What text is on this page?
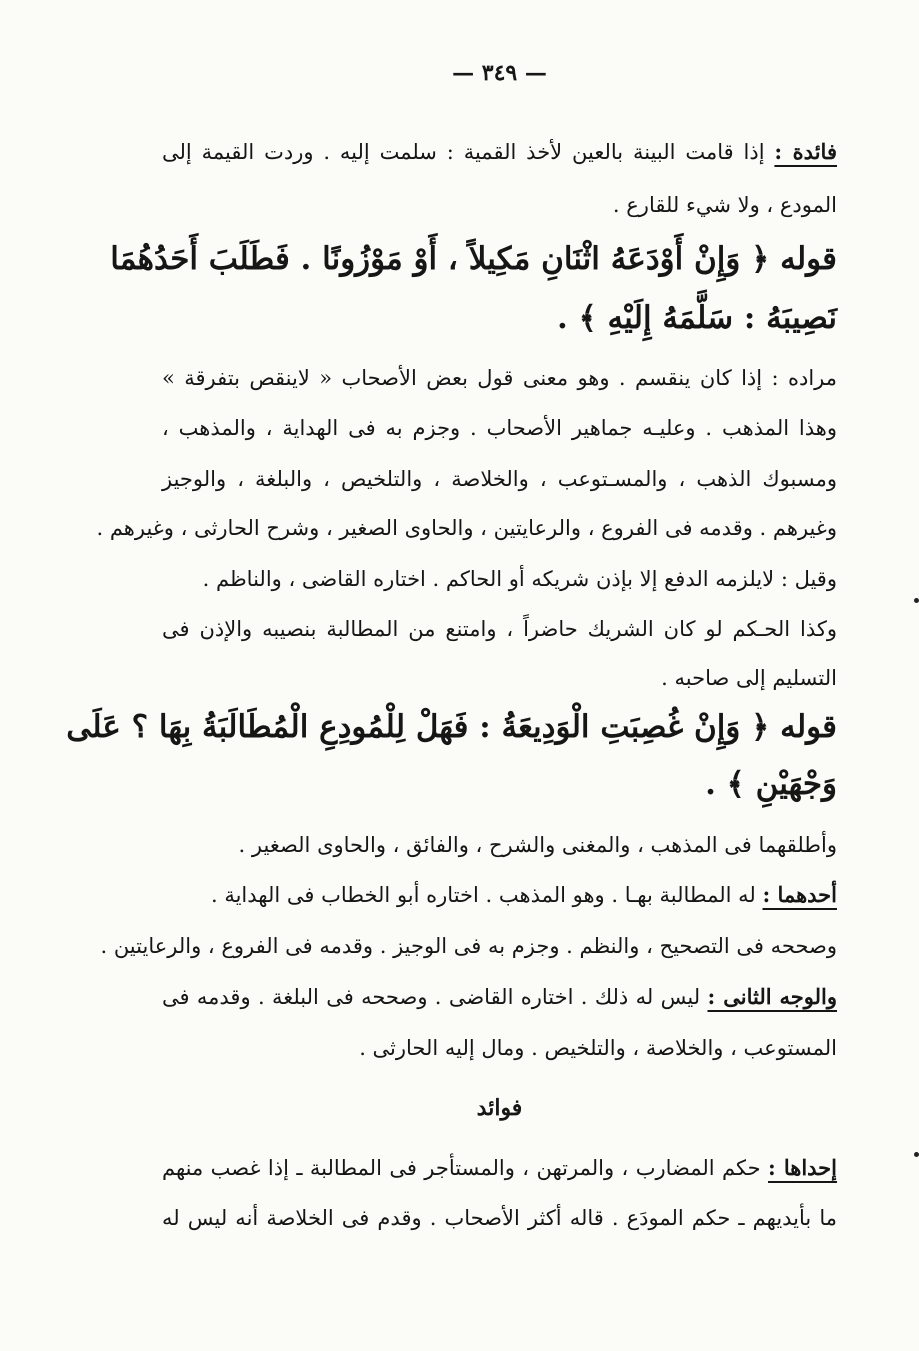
— ٣٤٩ —
فائدة : إذا قامت البينة بالعين لأخذ القمية : سلمت إليه . وردت القيمة إلى
المودع ، ولا شيء للقارع .
قوله ﴿ وَإِنْ أَوْدَعَهُ اثْنَانِ مَكِيلاً ، أَوْ مَوْزُونًا . فَطَلَبَ أَحَدُهُمَا
نَصِيبَهُ : سَلَّمَهُ إِلَيْهِ ﴾ .
مراده : إذا كان ينقسم . وهو معنى قول بعض الأصحاب « لاينقص بتفرقة »
وهذا المذهب . وعليـه جماهير الأصحاب . وجزم به فى الهداية ، والمذهب ،
ومسبوك الذهب ، والمسـتوعب ، والخلاصة ، والتلخيص ، والبلغة ، والوجيز
وغيرهم . وقدمه فى الفروع ، والرعايتين ، والحاوى الصغير ، وشرح الحارثى ، وغيرهم .
وقيل : لايلزمه الدفع إلا بإذن شريكه أو الحاكم . اختاره القاضى ، والناظم .
وكذا الحـكم لو كان الشريك حاضراً ، وامتنع من المطالبة بنصيبه والإذن فى
التسليم إلى صاحبه .
قوله ﴿ وَإِنْ غُصِبَتِ الْوَدِيعَةُ : فَهَلْ لِلْمُودِعِ الْمُطَالَبَةُ بِهَا ؟ عَلَى
وَجْهَيْنِ ﴾ .
وأطلقهما فى المذهب ، والمغنى والشرح ، والفائق ، والحاوى الصغير .
أحدهما : له المطالبة بهـا . وهو المذهب . اختاره أبو الخطاب فى الهداية .
وصححه فى التصحيح ، والنظم . وجزم به فى الوجيز . وقدمه فى الفروع ، والرعايتين .
والوجه الثانى : ليس له ذلك . اختاره القاضى . وصححه فى البلغة . وقدمه فى
المستوعب ، والخلاصة ، والتلخيص . ومال إليه الحارثى .
فوائد
إحداها : حكم المضارب ، والمرتهن ، والمستأجر فى المطالبة ـ إذا غصب منهم
ما بأيديهم ـ حكم المودَع . قاله أكثر الأصحاب . وقدم فى الخلاصة أنه ليس له
